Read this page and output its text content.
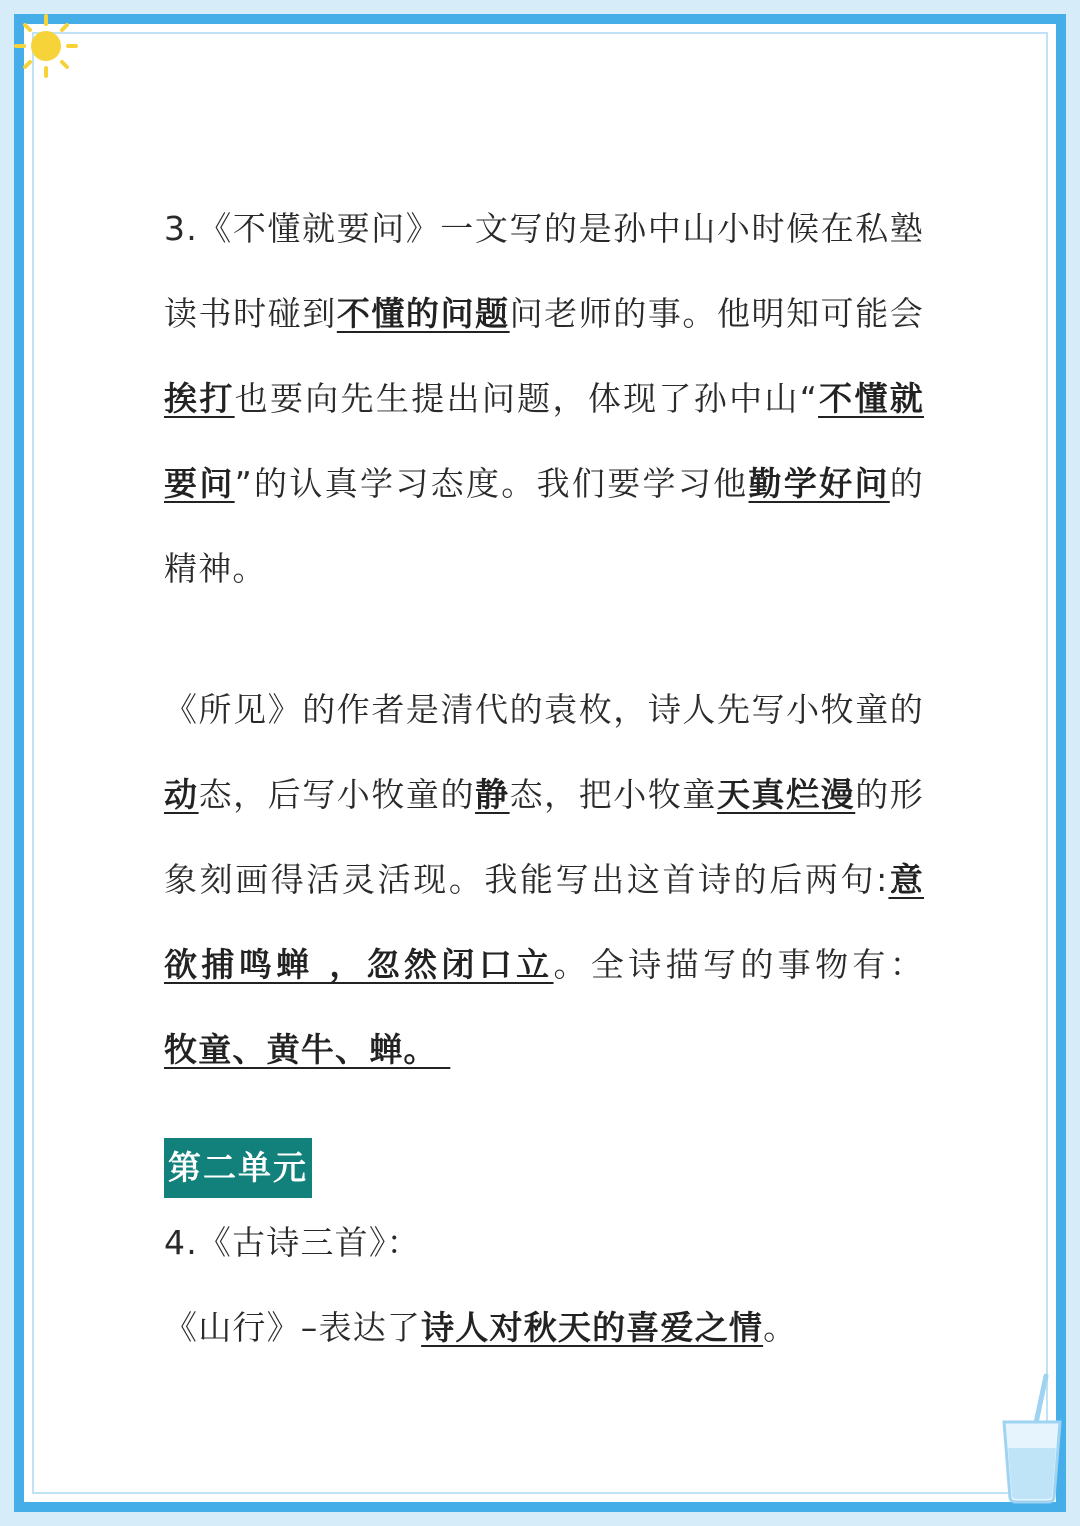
3.《不懂就要问》一文写的是孙中山小时候在私塾读书时碰到不懂的问题问老师的事。他明知可能会挨打也要向先生提出问题，体现了孙中山“不懂就要问”的认真学习态度。我们要学习他勤学好问的精神。

《所见》的作者是清代的袁枚，诗人先写小牧童的动态，后写小牧童的静态，把小牧童天真烂漫的形象刻画得活灵活现。我能写出这首诗的后两句:意欲捕鸣蝉 ，忽然闭口立。全诗描写的事物有：牧童、黄牛、蝉。

第二单元

4.《古诗三首》：

《山行》–表达了诗人对秋天的喜爱之情。
